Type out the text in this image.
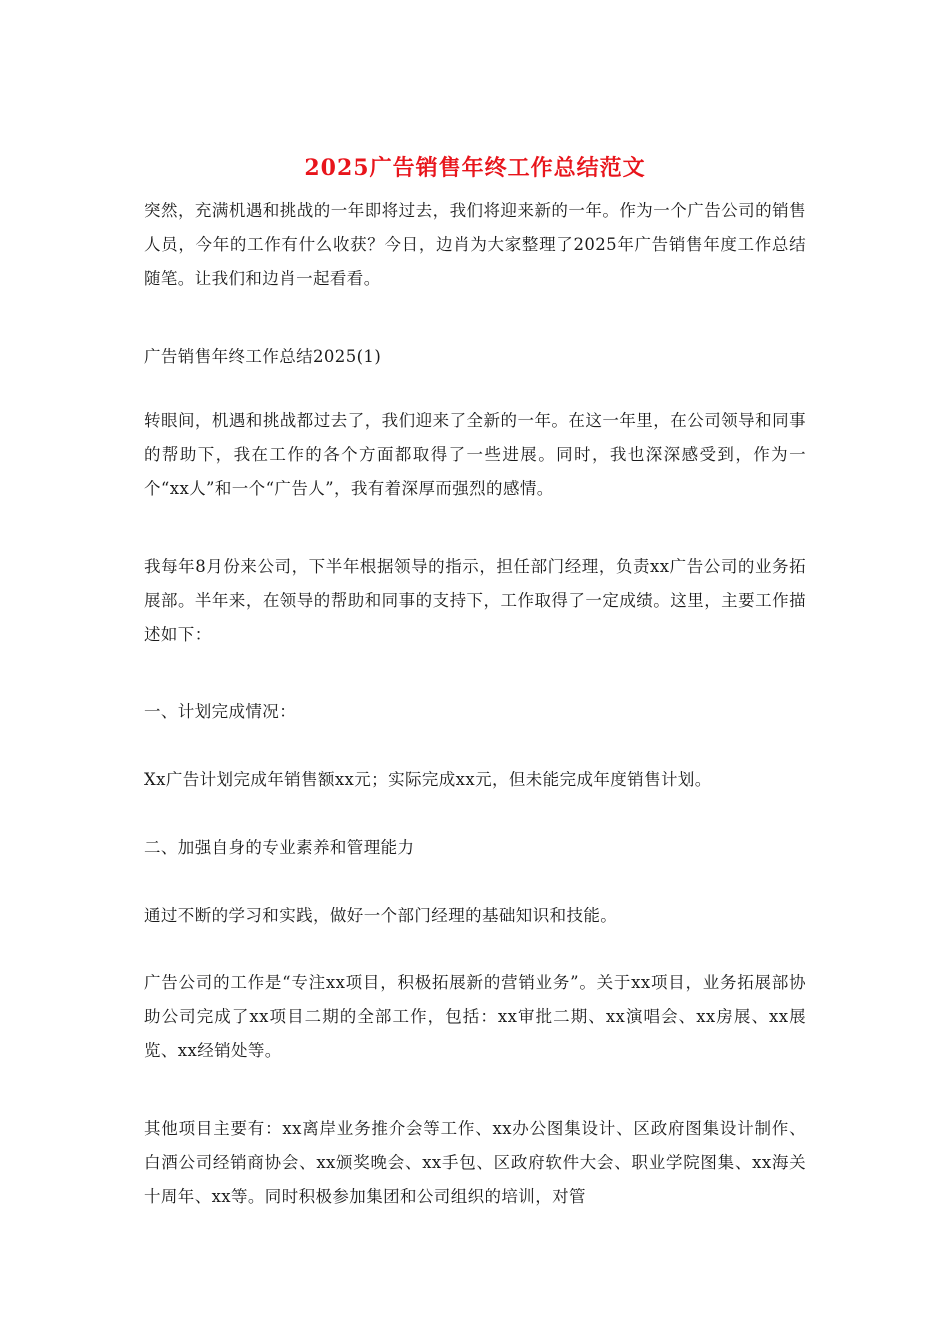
2025广告销售年终工作总结范文

突然，充满机遇和挑战的一年即将过去，我们将迎来新的一年。作为一个广告公司的销售人员，今年的工作有什么收获？今日，边肖为大家整理了2025年广告销售年度工作总结随笔。让我们和边肖一起看看。

广告销售年终工作总结2025(1)

转眼间，机遇和挑战都过去了，我们迎来了全新的一年。在这一年里，在公司领导和同事的帮助下，我在工作的各个方面都取得了一些进展。同时，我也深深感受到，作为一个“xx人”和一个“广告人”，我有着深厚而强烈的感情。

我每年8月份来公司，下半年根据领导的指示，担任部门经理，负责xx广告公司的业务拓展部。半年来，在领导的帮助和同事的支持下，工作取得了一定成绩。这里，主要工作描述如下：

一、计划完成情况：

Xx广告计划完成年销售额xx元；实际完成xx元，但未能完成年度销售计划。

二、加强自身的专业素养和管理能力

通过不断的学习和实践，做好一个部门经理的基础知识和技能。

广告公司的工作是“专注xx项目，积极拓展新的营销业务”。关于xx项目，业务拓展部协助公司完成了xx项目二期的全部工作，包括：xx审批二期、xx演唱会、xx房展、xx展览、xx经销处等。

其他项目主要有：xx离岸业务推介会等工作、xx办公图集设计、区政府图集设计制作、白酒公司经销商协会、xx颁奖晚会、xx手包、区政府软件大会、职业学院图集、xx海关十周年、xx等。同时积极参加集团和公司组织的培训，对管
